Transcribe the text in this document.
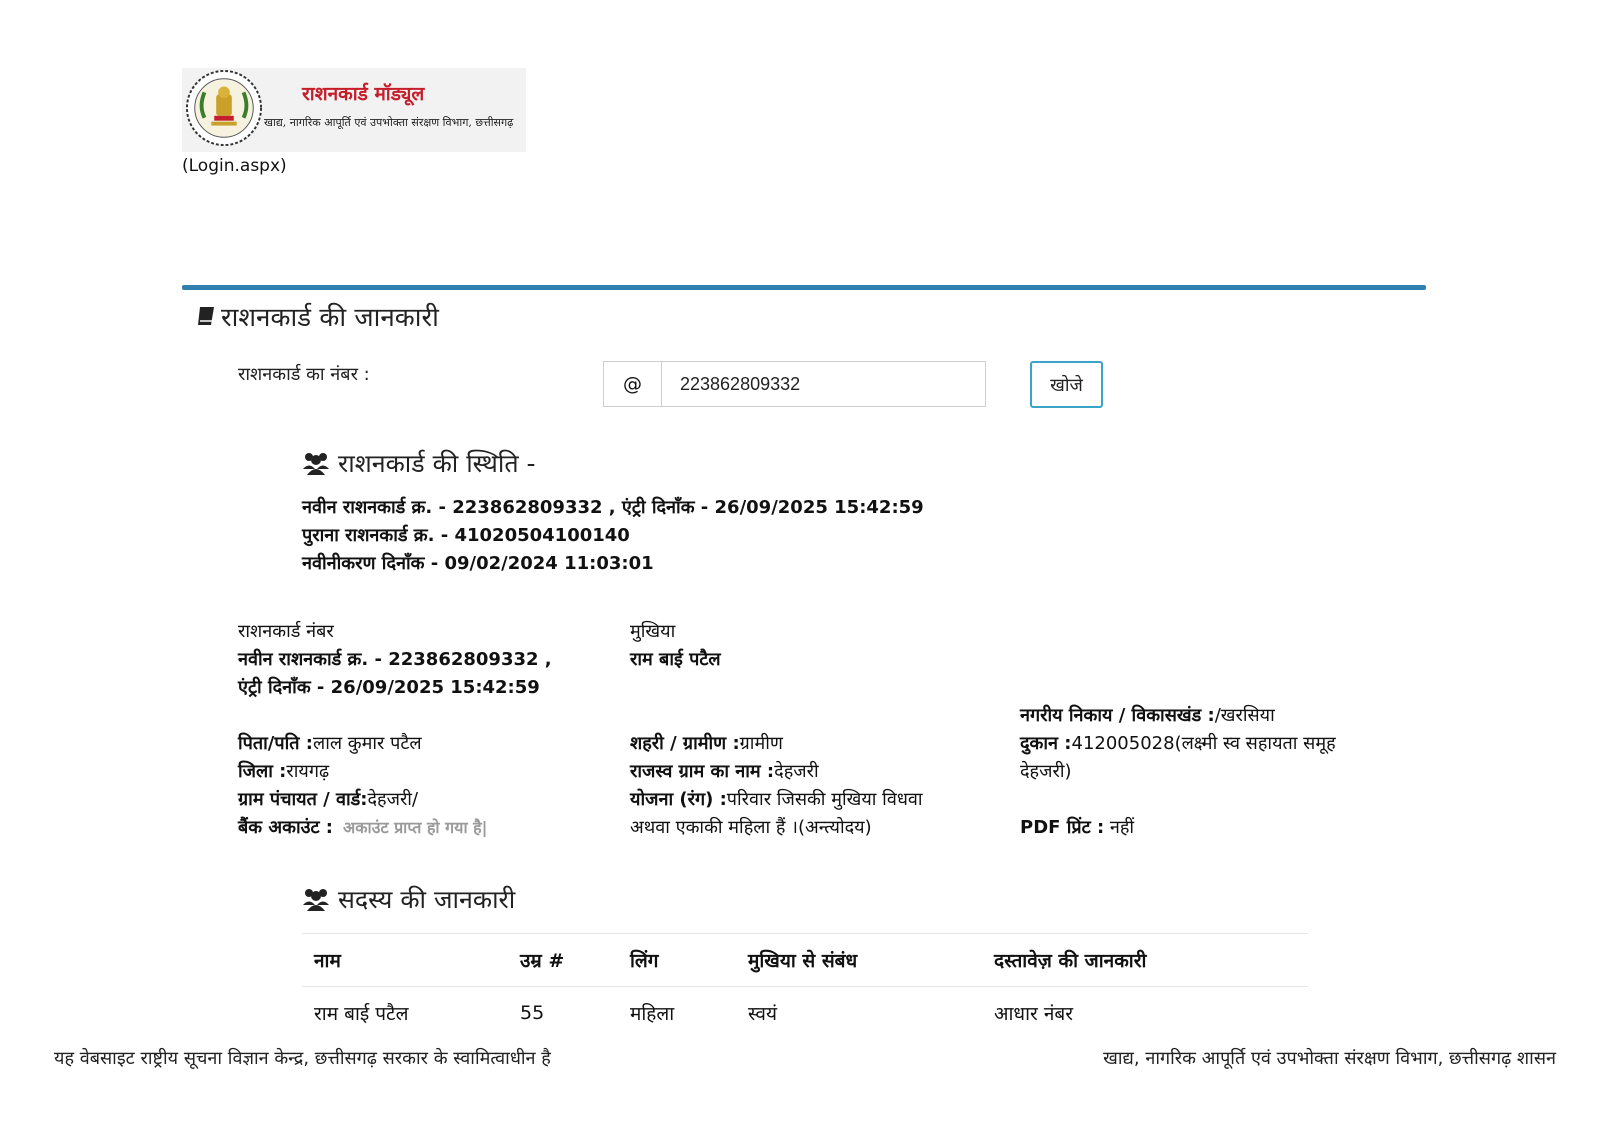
राशनकार्ड मॉड्यूल
खाद्य, नागरिक आपूर्ति एवं उपभोक्ता संरक्षण विभाग, छत्तीसगढ़
(Login.aspx)
राशनकार्ड की जानकारी
राशनकार्ड का नंबर :	@
223862809332	खोजे
राशनकार्ड की स्थिति -
नवीन राशनकार्ड क्र. - 223862809332 , एंट्री दिनाँक - 26/09/2025 15:42:59
पुराना राशनकार्ड क्र. - 41020504100140
नवीनीकरण दिनाँक - 09/02/2024 11:03:01
राशनकार्ड नंबर
नवीन राशनकार्ड क्र. - 223862809332 ,
एंट्री दिनाँक - 26/09/2025 15:42:59
पिता/पति :लाल कुमार पटैल
जिला :रायगढ़
ग्राम पंचायत / वार्ड:देहजरी/
बैंक अकाउंट : अकाउंट प्राप्त हो गया है|
मुखिया
राम बाई पटैल
शहरी / ग्रामीण :ग्रामीण
राजस्व ग्राम का नाम :देहजरी
योजना (रंग) :परिवार जिसकी मुखिया विधवा
अथवा एकाकी महिला हैं ।(अन्त्योदय)
नगरीय निकाय / विकासखंड :/खरसिया
दुकान :412005028(लक्ष्मी स्व सहायता समूह
देहजरी)
PDF प्रिंट : नहीं
सदस्य की जानकारी
नाम	उम्र #	लिंग	मुखिया से संबंध	दस्तावेज़ की जानकारी
राम बाई पटैल	55	महिला	स्वयं	आधार नंबर
यह वेबसाइट राष्ट्रीय सूचना विज्ञान केन्द्र, छत्तीसगढ़ सरकार के स्वामित्वाधीन है	खाद्य, नागरिक आपूर्ति एवं उपभोक्ता संरक्षण विभाग, छत्तीसगढ़ शासन
